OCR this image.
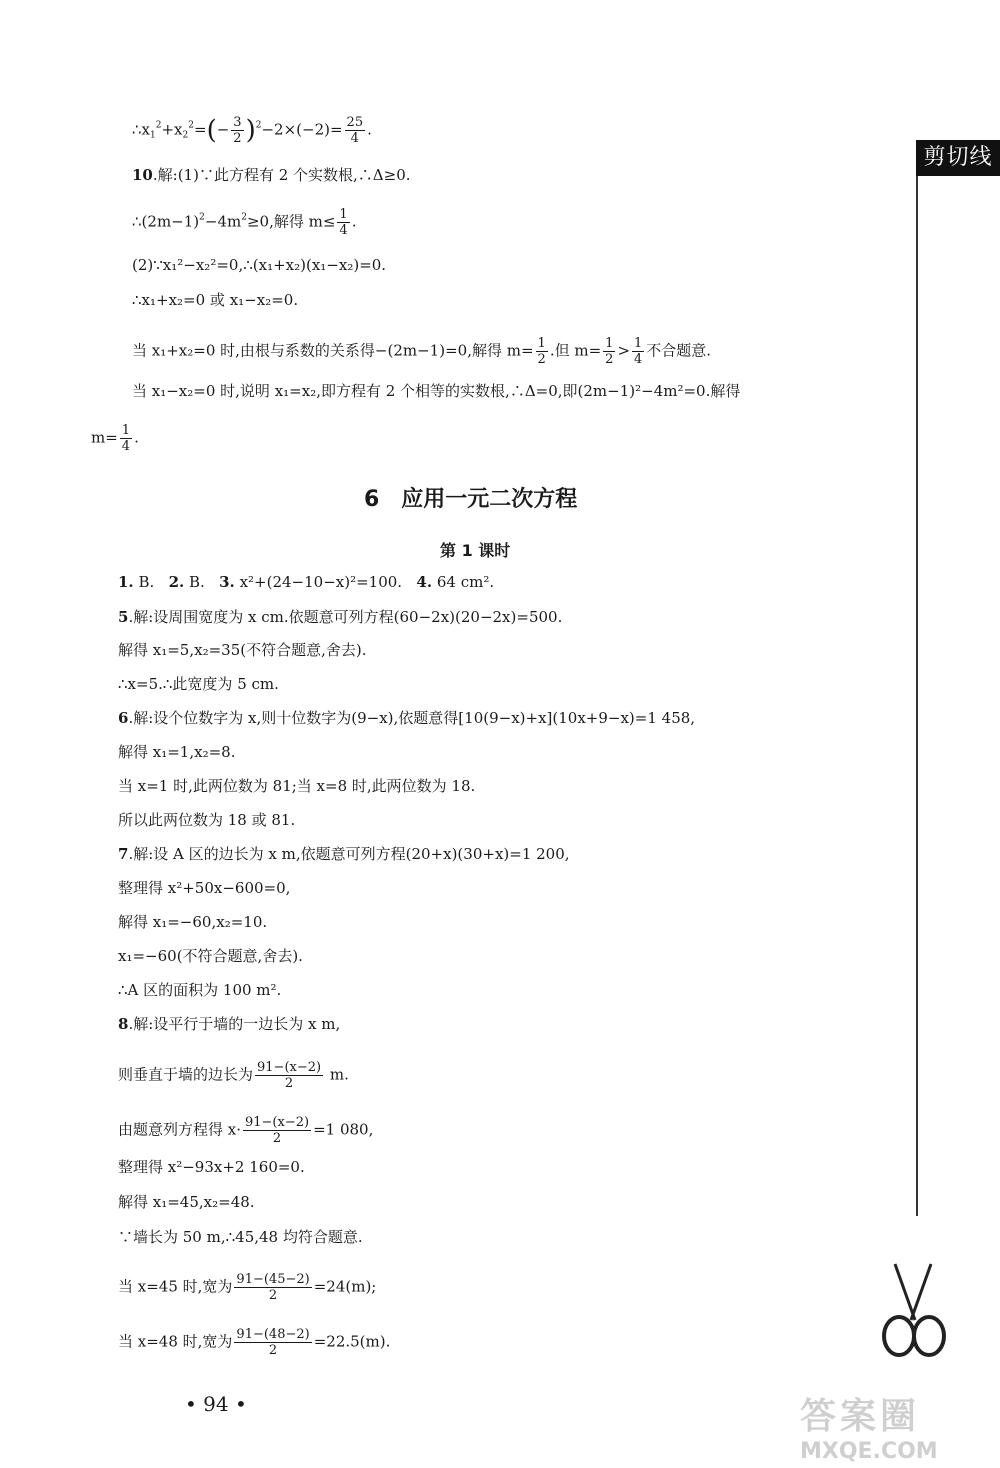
剪切线
$\therefore x_1^2+x_2^2=(- \frac{3}{2} )^2-2\times(-2)= \frac{25}{4}$ .
10.解:(1)∵此方程有 2 个实数根,∴Δ≥0.
$\therefore(2m-1)^2-4m^2\ge 0$,解得 $m\le \frac{1}{4}$ .
(2)∵x₁²−x₂²=0,∴(x₁+x₂)(x₁−x₂)=0.
∴x₁+x₂=0 或 x₁−x₂=0.
当 x₁+x₂=0 时,由根与系数的关系得−(2m−1)=0,解得 $m= \frac{1}{2}$ .但 $m= \frac{1}{2} > \frac{1}{4}$ 不合题意.
当 x₁−x₂=0 时,说明 x₁=x₂,即方程有 2 个相等的实数根,∴Δ=0,即(2m−1)²−4m²=0.解得
$m= \frac{1}{4}$ .
6　应用一元二次方程
第 1 课时
1. B. 2. B. 3. x²+(24−10−x)²=100. 4. 64 cm².
5.解:设周围宽度为 x cm.依题意可列方程(60−2x)(20−2x)=500.
解得 x₁=5,x₂=35(不符合题意,舍去).
∴x=5.∴此宽度为 5 cm.
6.解:设个位数字为 x,则十位数字为(9−x),依题意得[10(9−x)+x](10x+9−x)=1 458,
解得 x₁=1,x₂=8.
当 x=1 时,此两位数为 81;当 x=8 时,此两位数为 18.
所以此两位数为 18 或 81.
7.解:设 A 区的边长为 x m,依题意可列方程(20+x)(30+x)=1 200,
整理得 x²+50x−600=0,
解得 x₁=−60,x₂=10.
x₁=−60(不符合题意,舍去).
∴A 区的面积为 100 m².
8.解:设平行于墙的一边长为 x m,
则垂直于墙的边长为 $\frac{91-(x-2)}{2} m$.
由题意列方程得 $x\cdot \frac{91-(x-2)}{2} =1$ 080,
整理得 x²−93x+2 160=0.
解得 x₁=45,x₂=48.
∵墙长为 50 m,∴45,48 均符合题意.
当 x=45 时,宽为 $\frac{91-(45-2)}{2} =24(m)$;
当 x=48 时,宽为 $\frac{91-(48-2)}{2} =22.5(m)$.
• 94 •	答案圈
MXQE.COM
